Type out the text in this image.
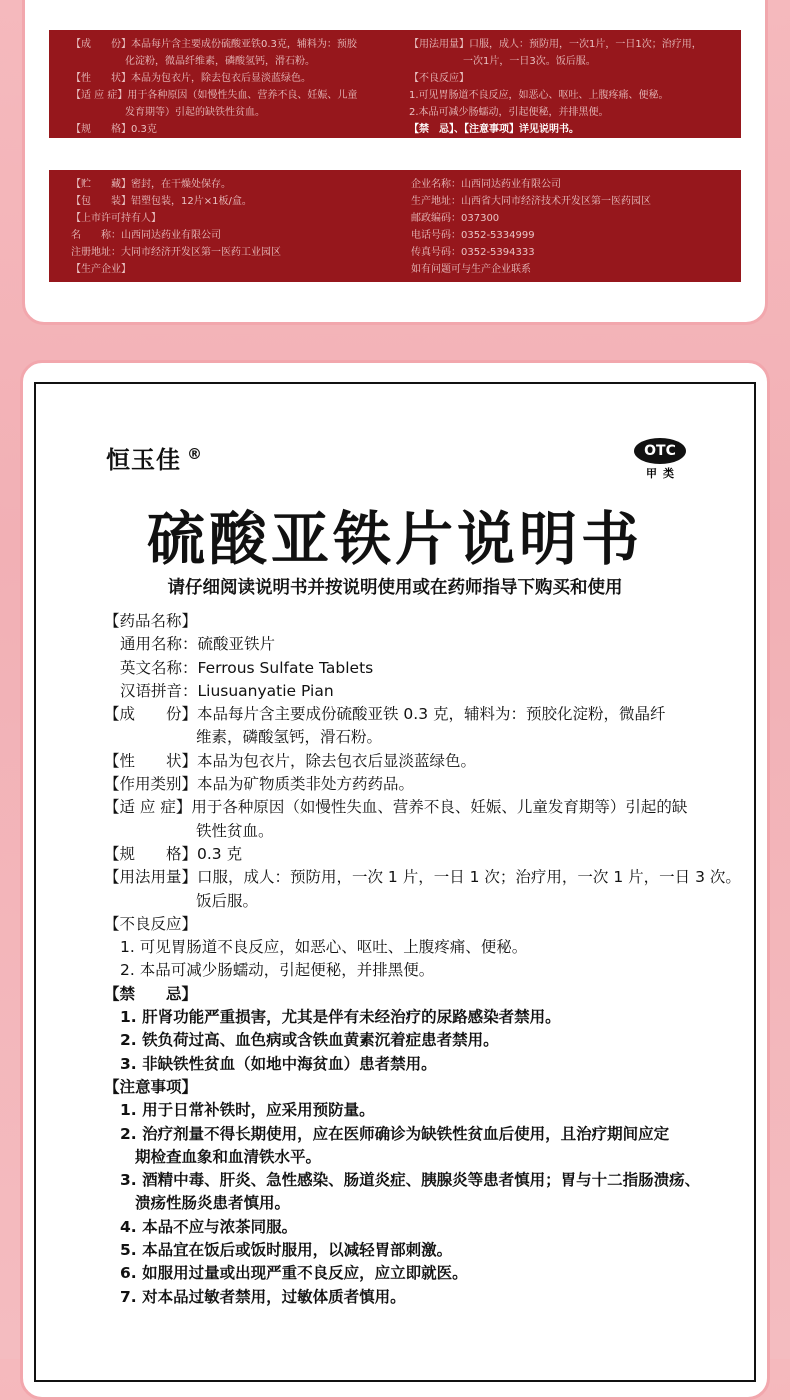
【成　　份】本品每片含主要成份硫酸亚铁0.3克，辅料为：预胶
化淀粉，微晶纤维素，磷酸氢钙，滑石粉。
【性　　状】本品为包衣片，除去包衣后显淡蓝绿色。
【适 应 症】用于各种原因（如慢性失血、营养不良、妊娠、儿童
发育期等）引起的缺铁性贫血。
【规　　格】0.3克
【用法用量】口服，成人：预防用，一次1片，一日1次；治疗用，
一次1片，一日3次。饭后服。
【不良反应】
1.可见胃肠道不良反应，如恶心、呕吐、上腹疼痛、便秘。
2.本品可减少肠蠕动，引起便秘，并排黑便。
【禁　忌】、【注意事项】详见说明书。
【贮　　藏】密封，在干燥处保存。
【包　　装】铝塑包装，12片×1板/盒。
【上市许可持有人】
名　　称：山西同达药业有限公司
注册地址：大同市经济开发区第一医药工业园区
【生产企业】
企业名称：山西同达药业有限公司
生产地址：山西省大同市经济技术开发区第一医药园区
邮政编码：037300
电话号码：0352-5334999
传真号码：0352-5394333
如有问题可与生产企业联系
恒玉佳 ®	OTC
甲类
硫酸亚铁片说明书
请仔细阅读说明书并按说明使用或在药师指导下购买和使用
【药品名称】
通用名称：硫酸亚铁片
英文名称：Ferrous Sulfate Tablets
汉语拼音：Liusuanyatie Pian
【成　　份】本品每片含主要成份硫酸亚铁 0.3 克，辅料为：预胶化淀粉，微晶纤
维素，磷酸氢钙，滑石粉。
【性　　状】本品为包衣片，除去包衣后显淡蓝绿色。
【作用类别】本品为矿物质类非处方药药品。
【适 应 症】用于各种原因（如慢性失血、营养不良、妊娠、儿童发育期等）引起的缺
铁性贫血。
【规　　格】0.3 克
【用法用量】口服，成人：预防用，一次 1 片，一日 1 次；治疗用，一次 1 片，一日 3 次。
饭后服。
【不良反应】
1. 可见胃肠道不良反应，如恶心、呕吐、上腹疼痛、便秘。
2. 本品可减少肠蠕动，引起便秘，并排黑便。
【禁　　忌】
1. 肝肾功能严重损害，尤其是伴有未经治疗的尿路感染者禁用。
2. 铁负荷过高、血色病或含铁血黄素沉着症患者禁用。
3. 非缺铁性贫血（如地中海贫血）患者禁用。
【注意事项】
1. 用于日常补铁时，应采用预防量。
2. 治疗剂量不得长期使用，应在医师确诊为缺铁性贫血后使用，且治疗期间应定
期检查血象和血清铁水平。
3. 酒精中毒、肝炎、急性感染、肠道炎症、胰腺炎等患者慎用；胃与十二指肠溃疡、
溃疡性肠炎患者慎用。
4. 本品不应与浓茶同服。
5. 本品宜在饭后或饭时服用，以减轻胃部刺激。
6. 如服用过量或出现严重不良反应，应立即就医。
7. 对本品过敏者禁用，过敏体质者慎用。
